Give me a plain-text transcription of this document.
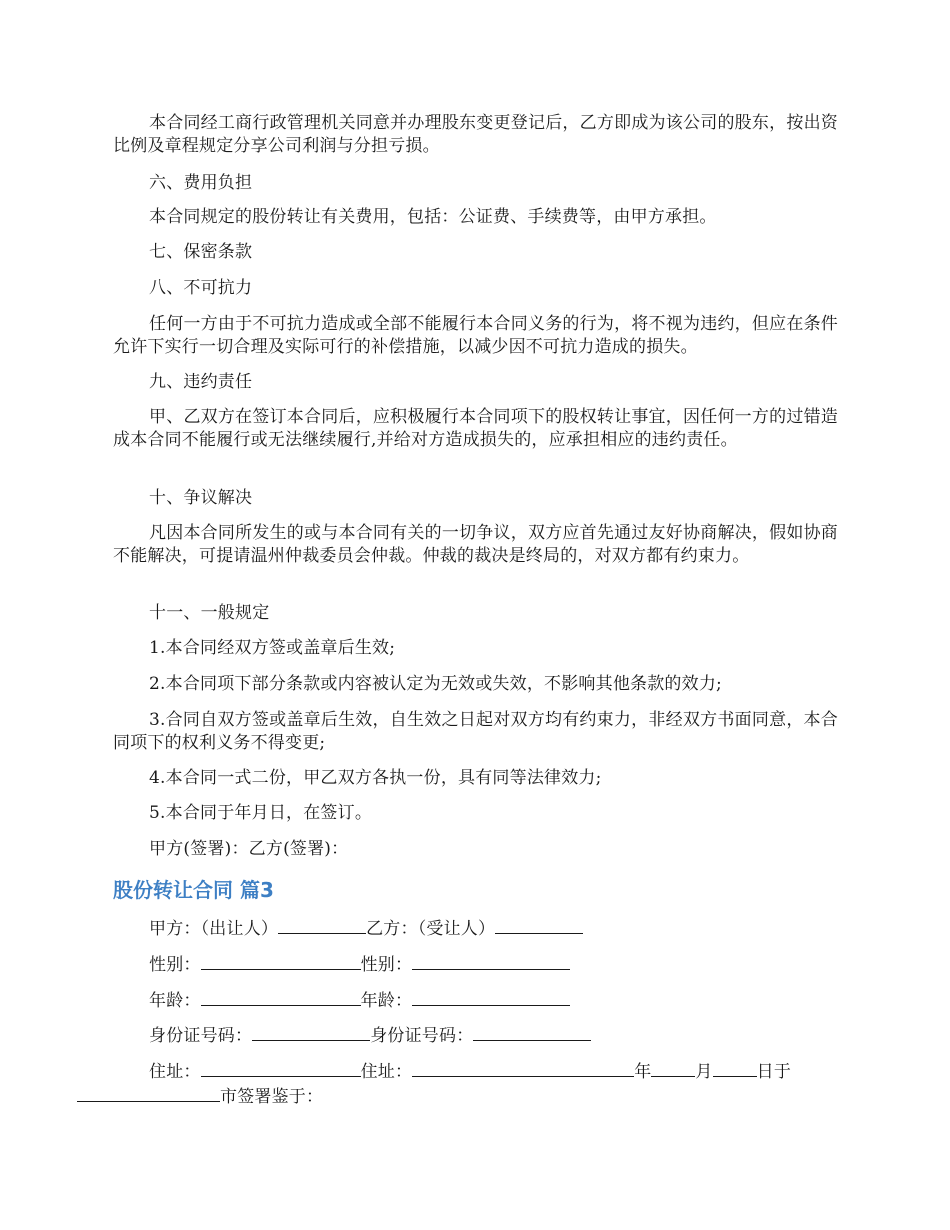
本合同经工商行政管理机关同意并办理股东变更登记后，乙方即成为该公司的股东，按出资比例及章程规定分享公司利润与分担亏损。

六、费用负担

本合同规定的股份转让有关费用，包括：公证费、手续费等，由甲方承担。

七、保密条款

八、不可抗力

任何一方由于不可抗力造成或全部不能履行本合同义务的行为，将不视为违约，但应在条件允许下实行一切合理及实际可行的补偿措施，以减少因不可抗力造成的损失。

九、违约责任

甲、乙双方在签订本合同后，应积极履行本合同项下的股权转让事宜，因任何一方的过错造成本合同不能履行或无法继续履行,并给对方造成损失的，应承担相应的违约责任。

十、争议解决

凡因本合同所发生的或与本合同有关的一切争议，双方应首先通过友好协商解决，假如协商不能解决，可提请温州仲裁委员会仲裁。仲裁的裁决是终局的，对双方都有约束力。

十一、一般规定

1.本合同经双方签或盖章后生效;

2.本合同项下部分条款或内容被认定为无效或失效，不影响其他条款的效力;

3.合同自双方签或盖章后生效，自生效之日起对双方均有约束力，非经双方书面同意，本合同项下的权利义务不得变更;

4.本合同一式二份，甲乙双方各执一份，具有同等法律效力;

5.本合同于年月日，在签订。

甲方(签署)：乙方(签署)：

股份转让合同 篇3

甲方：（出让人）	乙方：（受让人）

性别：	性别：

年龄：	年龄：

身份证号码：	身份证号码：

住址：	住址：	年	月	日于
市签署鉴于：
